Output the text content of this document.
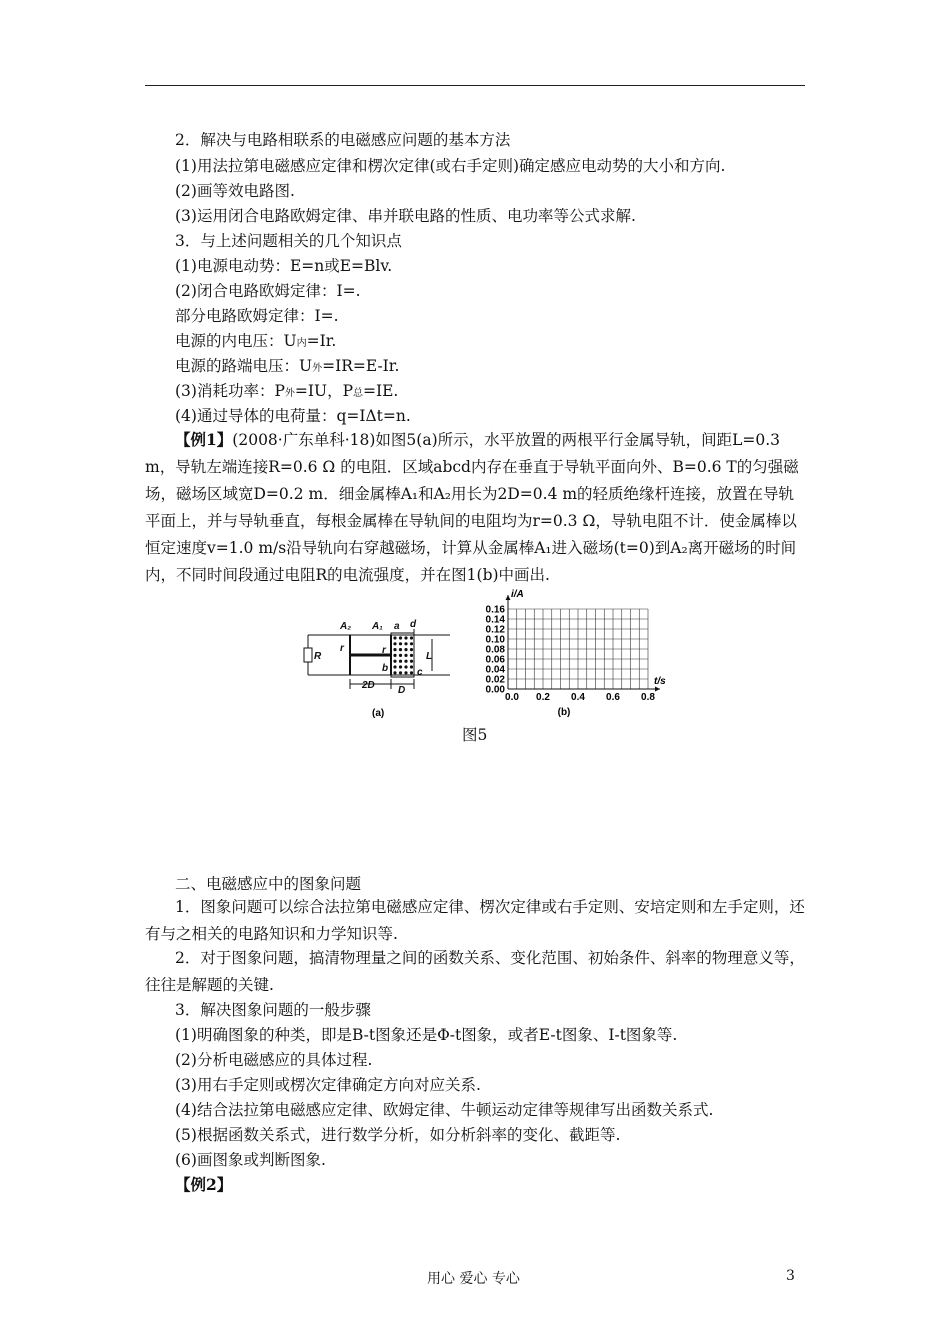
2．解决与电路相联系的电磁感应问题的基本方法
(1)用法拉第电磁感应定律和楞次定律(或右手定则)确定感应电动势的大小和方向.
(2)画等效电路图.
(3)运用闭合电路欧姆定律、串并联电路的性质、电功率等公式求解.
3．与上述问题相关的几个知识点
(1)电源电动势：E=n或E=Blv.
(2)闭合电路欧姆定律：I=.
部分电路欧姆定律：I=.
电源的内电压：U内=Ir.
电源的路端电压：U外=IR=E-Ir.
(3)消耗功率：P外=IU，P总=IE.
(4)通过导体的电荷量：q=IΔt=n.
【例1】(2008·广东单科·18)如图5(a)所示，水平放置的两根平行金属导轨，间距L=0.3 m，导轨左端连接R=0.6 Ω 的电阻．区域abcd内存在垂直于导轨平面向外、B=0.6 T的匀强磁场，磁场区域宽D=0.2 m．细金属棒A₁和A₂用长为2D=0.4 m的轻质绝缘杆连接，放置在导轨平面上，并与导轨垂直，每根金属棒在导轨间的电阻均为r=0.3 Ω，导轨电阻不计．使金属棒以恒定速度v=1.0 m/s沿导轨向右穿越磁场，计算从金属棒A₁进入磁场(t=0)到A₂离开磁场的时间内，不同时间段通过电阻R的电流强度，并在图1(b)中画出.
R
A₂ A₁ a d
r	r
b	c
L
2D D
(a)
0.00
0.02
0.04
0.06
0.08
0.10
0.12
0.14
0.16
0.0 0.2 0.4 0.6 0.8
t/s
i/A
(b)
图5
二、电磁感应中的图象问题
1．图象问题可以综合法拉第电磁感应定律、楞次定律或右手定则、安培定则和左手定则，还有与之相关的电路知识和力学知识等.
2．对于图象问题，搞清物理量之间的函数关系、变化范围、初始条件、斜率的物理意义等，往往是解题的关键.
3．解决图象问题的一般步骤
(1)明确图象的种类，即是B-t图象还是Φ-t图象，或者E-t图象、I-t图象等.
(2)分析电磁感应的具体过程.
(3)用右手定则或楞次定律确定方向对应关系.
(4)结合法拉第电磁感应定律、欧姆定律、牛顿运动定律等规律写出函数关系式.
(5)根据函数关系式，进行数学分析，如分析斜率的变化、截距等.
(6)画图象或判断图象.
【例2】
用心 爱心 专心	3
